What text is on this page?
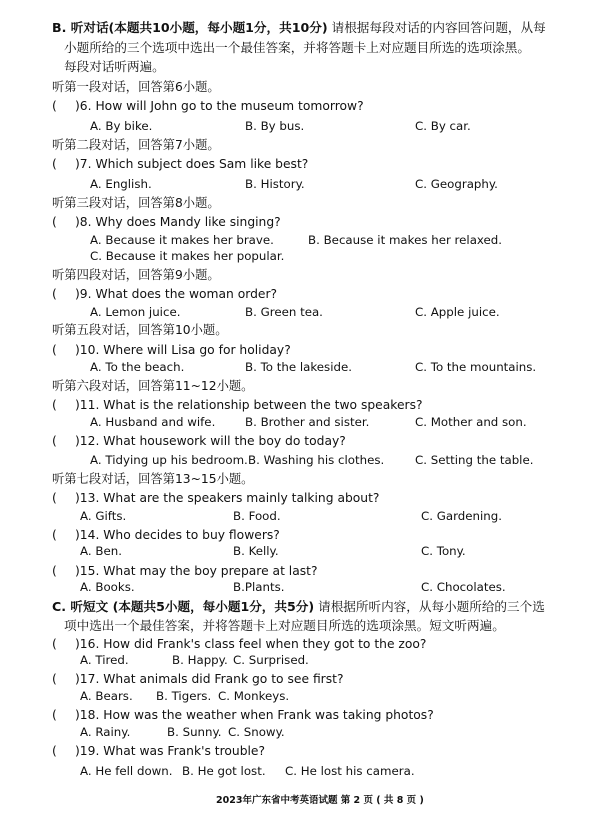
B. 听对话(本题共10小题，每小题1分，共10分) 请根据每段对话的内容回答问题，从每
小题所给的三个选项中选出一个最佳答案，并将答题卡上对应题目所选的选项涂黑。
每段对话听两遍。
听第一段对话，回答第6小题。
( )6. How will John go to the museum tomorrow?
A. By bike.	B. By bus.	C. By car.
听第二段对话，回答第7小题。
( )7. Which subject does Sam like best?
A. English.	B. History.	C. Geography.
听第三段对话，回答第8小题。
( )8. Why does Mandy like singing?
A. Because it makes her brave.	B. Because it makes her relaxed.
C. Because it makes her popular.
听第四段对话，回答第9小题。
( )9. What does the woman order?
A. Lemon juice.	B. Green tea.	C. Apple juice.
听第五段对话，回答第10小题。
( )10. Where will Lisa go for holiday?
A. To the beach.	B. To the lakeside.	C. To the mountains.
听第六段对话，回答第11~12小题。
( )11. What is the relationship between the two speakers?
A. Husband and wife.	B. Brother and sister.	C. Mother and son.
( )12. What housework will the boy do today?
A. Tidying up his bedroom. B. Washing his clothes.	C. Setting the table.
听第七段对话，回答第13~15小题。
( )13. What are the speakers mainly talking about?
A. Gifts.	B. Food.	C. Gardening.
( )14. Who decides to buy flowers?
A. Ben.	B. Kelly.	C. Tony.
( )15. What may the boy prepare at last?
A. Books.	B.Plants.	C. Chocolates.
C. 听短文 (本题共5小题，每小题1分，共5分) 请根据所听内容，从每小题所给的三个选
项中选出一个最佳答案，并将答题卡上对应题目所选的选项涂黑。短文听两遍。
( )16. How did Frank's class feel when they got to the zoo?
A. Tired.	B. Happy. C. Surprised.
( )17. What animals did Frank go to see first?
A. Bears. B. Tigers. C. Monkeys.
( )18. How was the weather when Frank was taking photos?
A. Rainy.	B. Sunny. C. Snowy.
( )19. What was Frank's trouble?
A. He fell down. B. He got lost. C. He lost his camera.
2023年广东省中考英语试题 第 2 页 ( 共 8 页 )
